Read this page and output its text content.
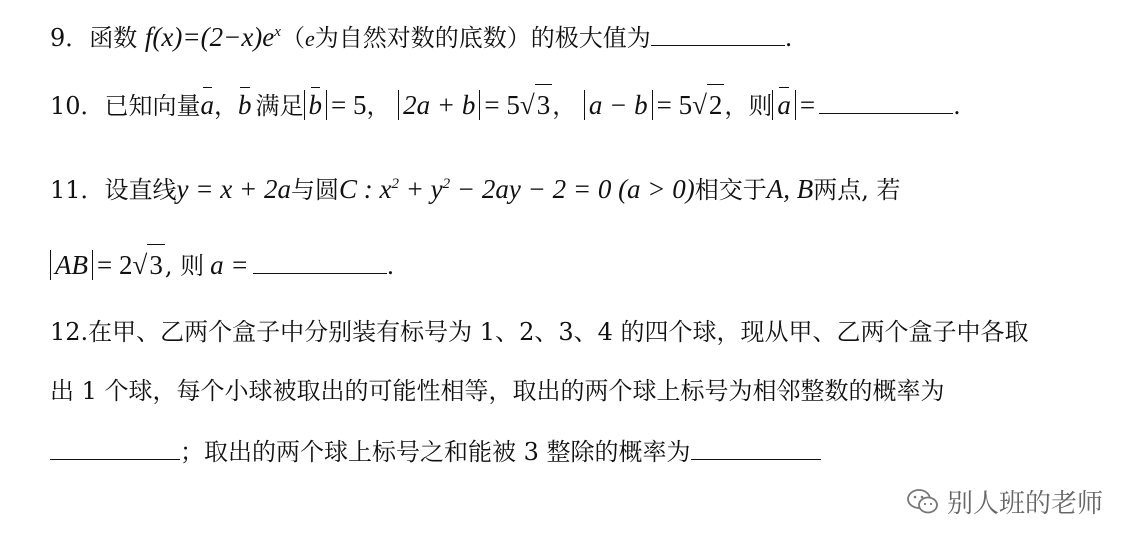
9．函数 $f(x)=(2-x)e^x(e$为自然对数的底数）的极大值为	.
10．已知向量a，b 满足 b = 5， 2a + b = 5√3， a − b = 5√2，则 a =	.
11．设直线y = x + 2a与圆C : $x^2 + y^2 - 2ay - 2 = 0$ (a > 0)相交于A, B两点, 若
AB = 2√3, 则 a =	.
12.在甲、乙两个盒子中分别装有标号为 1、2、3、4 的四个球，现从甲、乙两个盒子中各取
出 1 个球，每个小球被取出的可能性相等，取出的两个球上标号为相邻整数的概率为
；取出的两个球上标号之和能被 3 整除的概率为
别人班的老师
